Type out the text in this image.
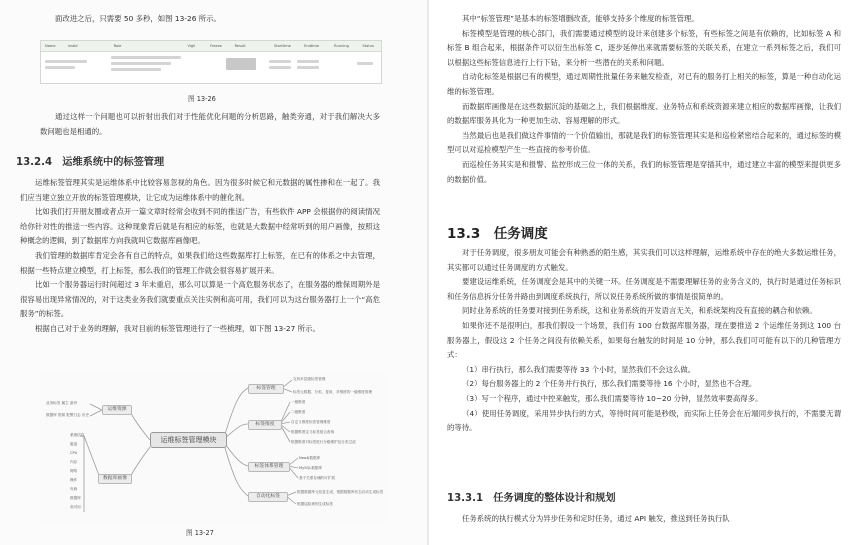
面改进之后，只需要 50 多秒，如图 13-26 所示。

Name	Instid	Role	Vigil	Freeze	Result	Starttime	Endtime	Running	Status
图 13-26

通过这样一个问题也可以折射出我们对于性能优化问题的分析思路，触类旁通，对于我们解决大多数问题也是相通的。

13.2.4　运维系统中的标签管理

运维标签管理其实是运维体系中比较容易忽视的角色。因为很多时候它和元数据的属性掺和在一起了。我们应当建立独立开放的标签管理模块，让它成为运维体系中的催化剂。

比如我们打开朋友圈或者点开一篇文章时经常会收到不同的推送广告，有些软件 APP 会根据你的阅读情况给你针对性的推送一些内容。这种现象背后就是有相应的标签，也就是大数据中经常听到的用户画像，按照这种概念的逻辑，到了数据库方向我就叫它数据库画像吧。

我们管理的数据库肯定会各有自己的特点，如果我们给这些数据库打上标签，在已有的体系之中去管理，根据一些特点建立模型，打上标签，那么我们的管理工作就会很容易扩展开来。

比如一个服务器运行时间超过 3 年未重启，那么可以算是一个高危服务状态了，在服务器的维保周期外是很容易出现异常情况的，对于这类业务我们就要重点关注实例和高可用，我们可以为这台服务器打上一个“高危服务”的标签。

根据自己对于业务的理解，我对目前的标签管理进行了一些梳理，如下图 13-27 所示。

运维标签管理模块
运维资源
数据库画像
标签管理
标签维度
标签体系管理
自动化标签
业务标签 属主 备份
数据库 资源 报警日志 历史
系统信息
磁盘
CPU
内存
网络
操作
负载
数据库
高可用
支持多层级标签管理
标签元数据、分类、复用、多维度的一级维度管理
一级维度
二级维度
自定义维度标签管理维度
根据维度定义标签组合查询
根据维度对标签进行分级维护及分类过滤
Neo4j数据库
MySQL数据库
基于关系存储的可扩展
根据数据库元信息生成，根据数据库状态自动生成标签
根据巡检规则生成标签
图 13-27

其中“标签管理”是基本的标签增删改查，能够支持多个维度的标签管理。

标签模型是管理的核心部门，我们需要通过模型的设计来创建多个标签，有些标签之间是有依赖的，比如标签 A 和标签 B 组合起来，根据条件可以衍生出标签 C，逐步延伸出来就需要标签的关联关系，在建立一系列标签之后，我们可以根据这些标签信息进行上行下钻，来分析一些潜在的关系和问题。

自动化标签是根据已有的模型，通过周期性批量任务来触发检查，对已有的服务打上相关的标签，算是一种自动化运维的标签管理。

而数据库画像是在这些数据沉淀的基础之上，我们根据维度、业务特点和系统资源来建立相应的数据库画像，让我们的数据库服务具化为一种更加生动、容易理解的形式。

当然最后也是我们做这件事情的一个价值输出，那就是我们的标签管理其实是和巡检紧密结合起来的，通过标签的模型可以对巡检模型产生一些直接的参考价值。

而巡检任务其实是和报警、监控形成三位一体的关系，我们的标签管理是穿插其中，通过建立丰富的模型来提供更多的数据价值。

13.3　任务调度

对于任务调度，很多朋友可能会有种熟悉的陌生感，其实我们可以这样理解，运维系统中存在的绝大多数运维任务，其实都可以通过任务调度的方式触发。

要建设运维系统，任务调度会是其中的关键一环。任务调度是不需要理解任务的业务含义的，执行时是通过任务标识和任务信息拆分任务并路由到调度系统执行，所以说任务系统所做的事情是很简单的。

同时业务系统的任务要对接到任务系统，这和业务系统的开发语言无关，和系统架构没有直接的耦合和依赖。

如果你还不是很明白，那我们假设一个场景，我们有 100 台数据库服务器，现在要推送 2 个运维任务到这 100 台服务器上，假设这 2 个任务之间没有依赖关系，如果每台触发的时间是 10 分钟，那么我们可可能有以下的几种管理方式：

（1）串行执行，那么我们需要等待 33 个小时，显然我们不会这么做。

（2）每台服务器上的 2 个任务并行执行，那么我们需要等待 16 个小时，显然也不合理。

（3）写一个程序，通过中控来触发，那么我们需要等待 10~20 分钟，显然效率要高得多。

（4）使用任务调度，采用异步执行的方式，等待时间可能是秒级，而实际上任务会在后端同步执行的，不需要无谓的等待。

13.3.1　任务调度的整体设计和规划

任务系统的执行模式分为异步任务和定时任务，通过 API 触发，推送到任务执行队
